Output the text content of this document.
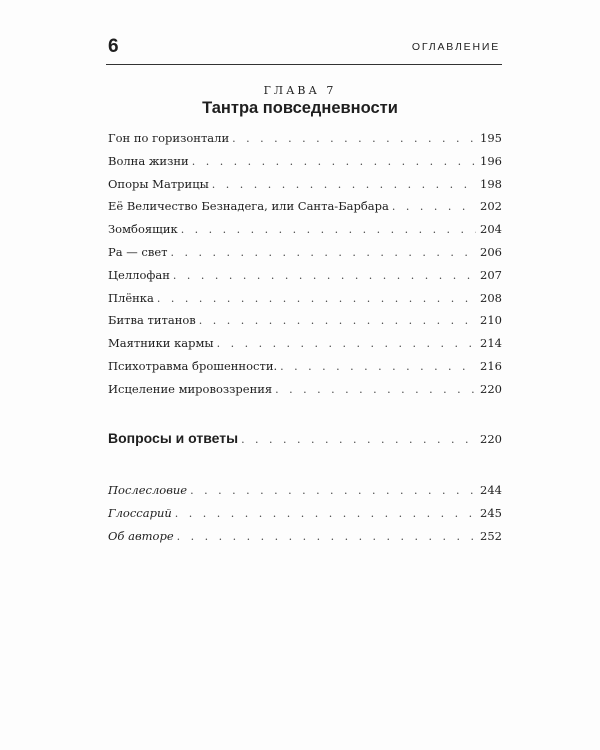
6	ОГЛАВЛЕНИЕ
ГЛАВА 7
Тантра повседневности
Гон по горизонтали . . .	195
Волна жизни . . .	196
Опоры Матрицы . . .	198
Её Величество Безнадега, или Санта-Барбара . . .	202
Зомбоящик . . .	204
Ра — свет . . .	206
Целлофан . . .	207
Плёнка . . .	208
Битва титанов . . .	210
Маятники кармы . . .	214
Психотравма брошенности. . . .	216
Исцеление мировоззрения . . .	220
Вопросы и ответы . . .	220
Послесловие . . .	244
Глоссарий . . .	245
Об авторе . . .	252
